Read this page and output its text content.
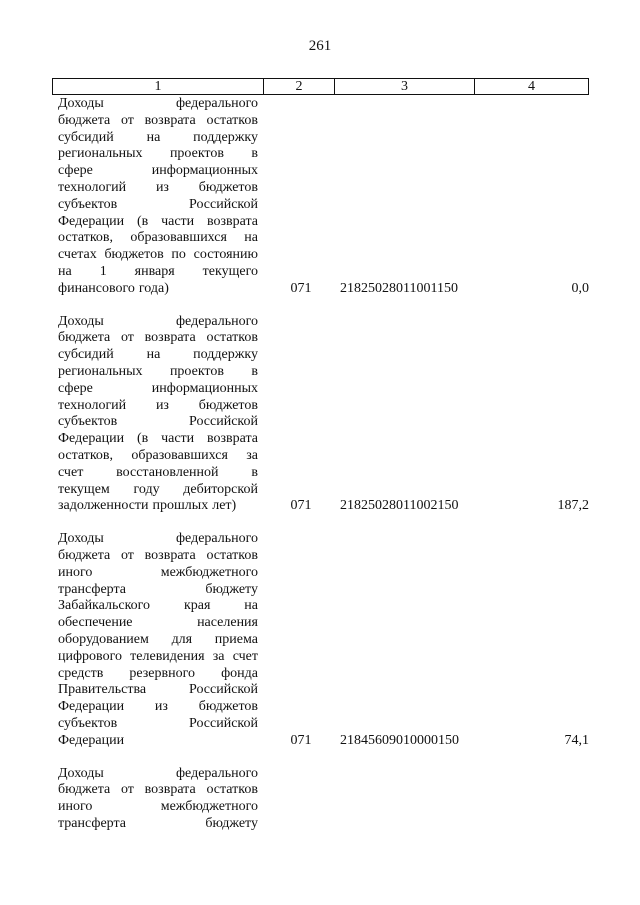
261
1	2	3	4
Доходы	федерального
бюджета от возврата остатков
субсидий на поддержку
региональных проектов в
сфере	информационных
технологий из бюджетов
субъектов	Российской
Федерации (в части возврата
остатков, образовавшихся на
счетах бюджетов по состоянию
на 1 января текущего
финансового года)	071	21825028011001150	0,0
Доходы	федерального
бюджета от возврата остатков
субсидий на поддержку
региональных проектов в
сфере	информационных
технологий из бюджетов
субъектов	Российской
Федерации (в части возврата
остатков, образовавшихся за
счет восстановленной в
текущем году дебиторской
задолженности прошлых лет)	071	21825028011002150	187,2
Доходы	федерального
бюджета от возврата остатков
иного	межбюджетного
трансферта	бюджету
Забайкальского края на
обеспечение	населения
оборудованием для приема
цифрового телевидения за счет
средств резервного фонда
Правительства	Российской
Федерации из бюджетов
субъектов	Российской
Федерации	071	21845609010000150	74,1
Доходы	федерального
бюджета от возврата остатков
иного	межбюджетного
трансферта	бюджету
